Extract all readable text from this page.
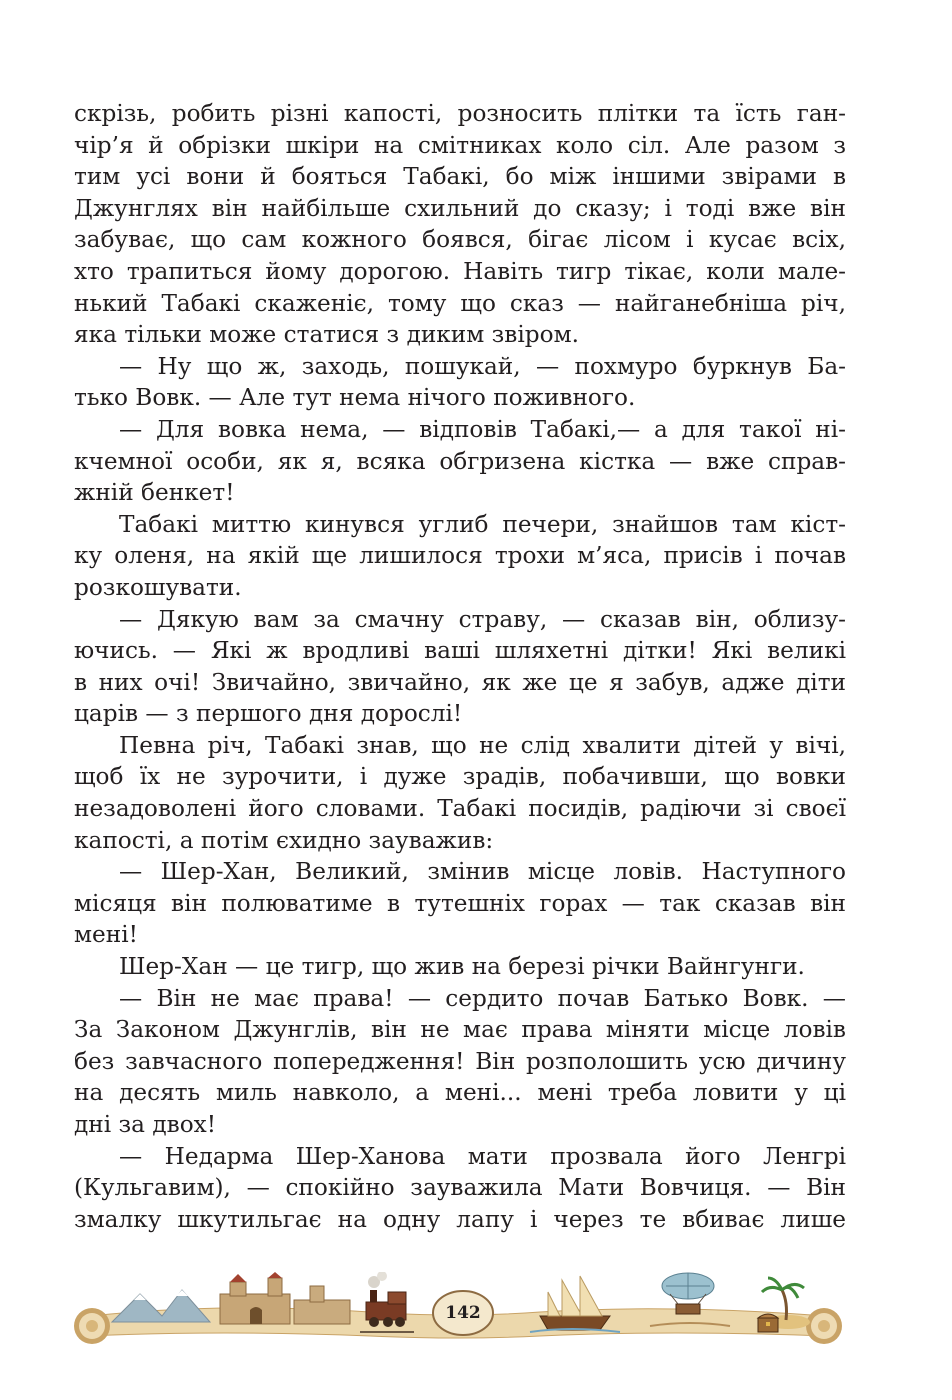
скрізь, робить різні капості, розносить плітки та їсть ган-

чір’я й обрізки шкіри на смітниках коло сіл. Але разом з

тим усі вони й бояться Табакі, бо між іншими звірами в

Джунглях він найбільше схильний до сказу; і тоді вже він

забуває, що сам кожного боявся, бігає лісом і кусає всіх,

хто трапиться йому дорогою. Навіть тигр тікає, коли мале-

нький Табакі скаженіє, тому що сказ — найганебніша річ,

яка тільки може статися з диким звіром.

— Ну що ж, заходь, пошукай, — похмуро буркнув Ба-

тько Вовк. — Але тут нема нічого поживного.

— Для вовка нема, — відповів Табакі,— а для такої ні-

кчемної особи, як я, всяка обгризена кістка — вже справ-

жній бенкет!

Табакі миттю кинувся углиб печери, знайшов там кіст-

ку оленя, на якій ще лишилося трохи м’яса, присів і почав

розкошувати.

— Дякую вам за смачну страву, — сказав він, облизу-

ючись. — Які ж вродливі ваші шляхетні дітки! Які великі

в них очі! Звичайно, звичайно, як же це я забув, адже діти

царів — з першого дня дорослі!

Певна річ, Табакі знав, що не слід хвалити дітей у вічі,

щоб їх не зурочити, і дуже зрадів, побачивши, що вовки

незадоволені його словами. Табакі посидів, радіючи зі своєї

капості, а потім єхидно зауважив:

— Шер-Хан, Великий, змінив місце ловів. Наступного

місяця він полюватиме в тутешніх горах — так сказав він

мені!

Шер-Хан — це тигр, що жив на березі річки Вайнгунги.

— Він не має права! — сердито почав Батько Вовк. —

За Законом Джунглів, він не має права міняти місце ловів

без завчасного попередження! Він розполошить усю дичину

на десять миль навколо, а мені... мені треба ловити у ці

дні за двох!

— Недарма Шер-Ханова мати прозвала його Ленгрі

(Кульгавим), — спокійно зауважила Мати Вовчиця. — Він

змалку шкутильгає на одну лапу і через те вбиває лише

142
